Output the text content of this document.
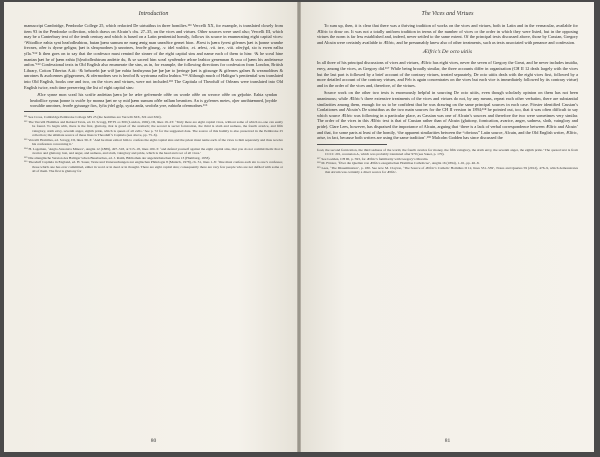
Introduction

manuscript Cambridge, Pembroke College 25, which redacted De uirtutibus in three homilies.¹⁶¹ Vercelli XX, for example, is translated closely from item 93 in the Pembroke collection, which draws on Alcuin’s chs. 27–35, on the vices and virtues. Other sources were used also; Vercelli III, which may be a Canterbury text of the tenth century and which is based on a Latin penitential homily, follows its source in enumerating eight capital vices: ‘Witodlice eahta synt heafodleahtras, butan þæra sumum ne mæg ænig man uneaðice gemet bion. Ærest is þæra fyrest gifernes þæt is þonne wambe frecnes, oðer is dyrne gelignr, þæt is sleaçmodnes þ unrotnes, feorðe gîsung, .v. idel wuldor, .vi. æfest, .vii. irre, .viii. oferŷgd, sio is ewen eallra yfla.’¹⁶² It then goes on to say that the confessor must remind the sinner of the eight capital sins and name each of them to him: ‘& he sceal hine manian þæt he of þæm eahta [h]eafodleahtrum andette du, & se sacerd him sceal synðendre ælcne leahtor genemnan & swa of þæm his andetnesse anfon.’¹⁶³ Confessional texts in Old English also enumerate the sins, as in, for example, the following directions for confession from London, British Library, Cotton Tiberius A.iii: ‘& behorebt þæ wið þæ eahta heahsynna þæ þæ þæ to þeringe þæt is gitsunge & gifernes galnes & weamoldnes & unrotnes & asolcennes gilpgeornes, & ofermodnes seo is heofod & wyrtruma eallra leahtra.’¹⁶⁴ Although much of Halitgar’s penitential was translated into Old English, books one and two, on the vices and virtues, were not included.¹⁶⁵ The Capitula of Theodulf of Orleans were translated into Old English twice, each time preserving the list of eight capital sins:

Ælce synne mon sceal his scrifte andettan þæra þe he æfre gefremede oððe on worde oððe on weorce oððe on geþohte. Eahta syndan heafodlice synna þonne is swiðe fyr monna þæt ne sy mid þæm sumum oððe eallum besmiten. An is gyfernes metes, oþer unrihtæmned, þrydde woruldie unrotnes, feorðe gytsunge fios, fyfta ÿdel gylp, syxta anda, seofoða yrre, eahtoða ofermodnes.¹⁶⁶

¹⁶¹ See Cross, Cambridge Pembroke College MS 25 (the homilies are Vercelli XIX, XX and XXI).

¹⁶² The Vercelli Homilies and Related Texts, ed. D. Scragg, EETS os 300 (London, 1992), III, lines 19–23: ‘Truly there are eight capital vices, without some of which no-one can easily be found. To begin with, there is the first, gluttony, that is greed of the stomach; the second is secret fornication, the third is sloth and sadness, the fourth avarice, and fifth vainglory, sixth envy, seventh anger, eighth pride, which is queen of all evils.’ See p. 72 for the suggested date. The source of this homily is also preserved in the Pembroke 25 collection; the ultimate source of these lines is Theodulf’s Capitula (see above, pp. 75–6).

¹⁶³ Vercelli Homilies, ed. Scragg, III, lines 30–3: ‘And he must exhort him to confess the eight capital sins and the priest must name each of the vices to him separately and thus receive his confession concerning it.’

¹⁶⁴ H. Logeman, ‘Anglo-Saxonica Minora’, Anglia 12 (1889), 497–518, at 515–18, lines 100–3: ‘and defend yourself against the eight capital sins, that you do not commit them: that is avarice and gluttony, lust, and anger, and sadness, and sloth, vainglory and pride, which is the head and root of all vices.’

¹⁶⁵ Die altenglische Version des Halitgar’schen Bussbuches, ed. J. Raith, Bibliothek der angelsächsischen Prosa 13 (Hamburg, 1933).

¹⁶⁶ Theodulf Capitula in England, ed. H. Sauer, Texte und Untersuchungen zur englischen Philologie 8 (Munich, 1978), ch. 31, lines 1–8: ‘One must confess each sin to one’s confessor, those which one has ever committed, either in word or in deed or in thought. There are eight capital sins; consequently there are very few people who are not defiled with some or all of them. The first is gluttony for

80
The Vices and Virtues

To sum up, then, it is clear that there was a thriving tradition of works on the vices and virtues, both in Latin and in the vernacular, available for Ælfric to draw on. It was not a totally uniform tradition in terms of the number of vices or the order in which they were listed, but in the opposing virtues the norm is far less established and, indeed, never settled to the same extent. Of the principal texts discussed above, those by Cassian, Gregory and Alcuin were certainly available to Ælfric, and he presumably knew also of other treatments, such as texts associated with penance and confession.

Ælfric’s De octo uitiis

In all three of his principal discussions of vices and virtues, Ælfric has eight vices, never the seven of Gregory the Great, and he never includes inuidia, envy, among the vices, as Gregory did.¹⁶⁷ While being broadly similar, the three accounts differ in organisation (CH II 12 deals largely with the vices but the last part is followed by a brief account of the contrary virtues, treated separately, De octo uitiis deals with the eight vices first, followed by a more detailed account of the contrary virtues, and Feb is again concentrates on the vices but each vice is immediately followed by its contrary virtue) and in the order of the vices and, therefore, of the virtues.

Source work on the other two texts is enormously helpful in sourcing De octo uitiis, even though scholarly opinion on them has not been unanimous; while Ælfric’s three extensive treatments of the vices and virtues do not, by any means, repeat each other verbatim, there are substantial similarities among them, enough for us to be confident that he was drawing on the same principal sources in each case. Förster identified Cassian’s Conlationes and Alcuin’s De uirtutibus as the two main sources for the CH II version in 1894;¹⁶⁸ he pointed out, too, that it was often difficult to say which source Ælfric was following in a particular place, as Cassian was one of Alcuin’s sources and therefore the two were sometimes very similar. The order of the vices in this Ælfric text is that of Cassian rather than of Alcuin (gluttony, fornication, avarice, anger, sadness, sloth, vainglory and pride). Clare Lees, however, has dispraised the importance of Alcuin, arguing that ‘there is a lack of verbal correspondence between Ælfric and Alcuin’ and that, for some parts at least of the homily, ‘the apparent similarities between the “obvious” Latin source, Alcuin, and the Old English writer, Ælfric, arise, in fact, because both writers are using the same tradition’.¹⁶⁹ Malcolm Godden has since discussed the

food, the second fornication, the third sadness of the world, the fourth avarice for money, the fifth vainglory, the sixth envy, the seventh anger, the eighth pride.’ The quoted text is from CCCC 201, recension A, which was probably translated after 970 (see Sauer, p. 170).

¹⁶⁷ See Godden, CH III, p. 593, for Ælfric’s familiarity with Gregory’s Moralia.

¹⁶⁸ M. Förster, ‘Über die Quellen von Ælfrics exegetischen Homiliae Catholicae’, Anglia 16 (1894), 1–61, pp. 46–8.

¹⁶⁹ Lees, ‘The Dissemination’, p. 180. See now M. Clayton, ‘The Source of Ælfric’s Catholic Homilies II 12, lines 531–539’, Notes and Queries 59 (2012), 476–9, which demonstrates that Alcuin was certainly a direct source for Ælfric.

81
